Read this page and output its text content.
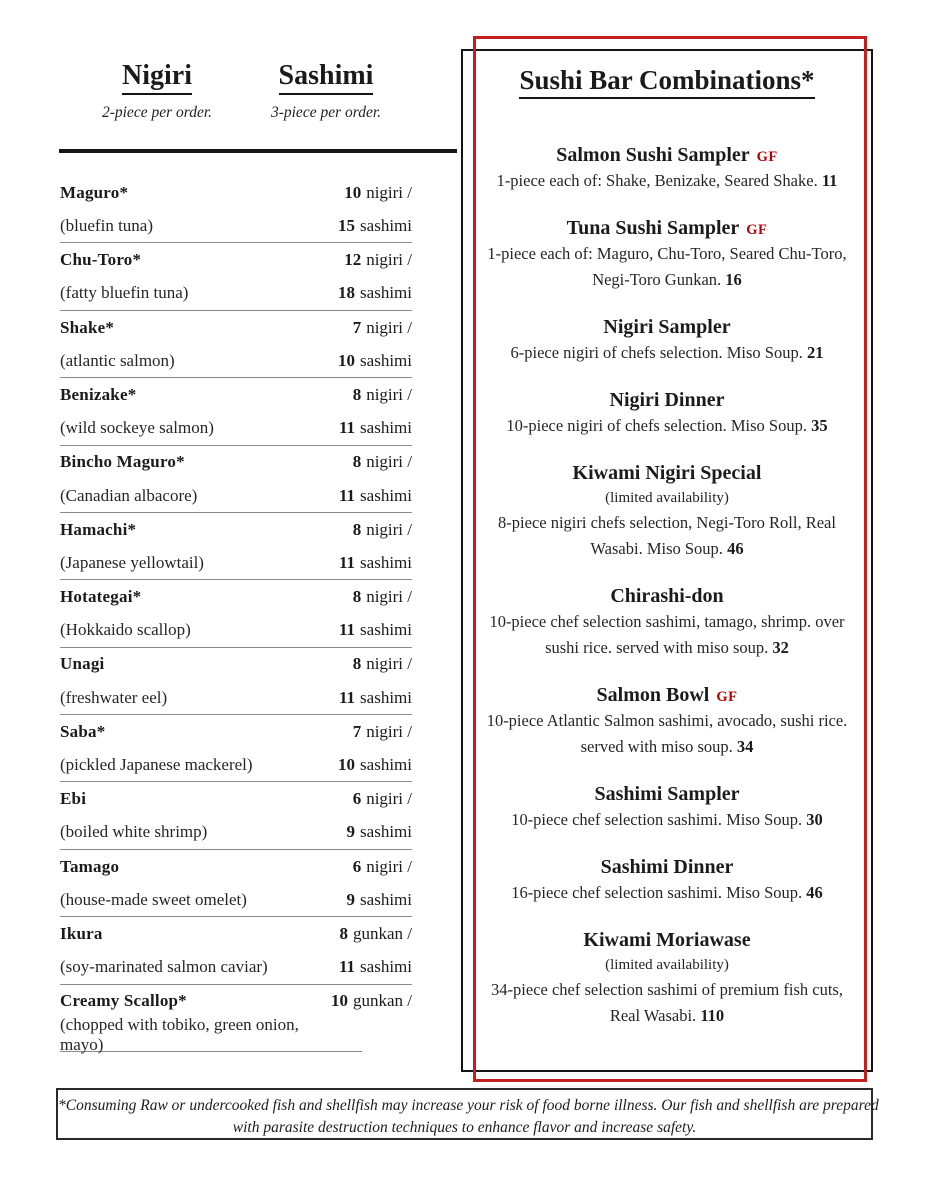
Nigiri	Sashimi
2-piece per order.	3-piece per order.
Maguro*	10 nigiri /
(bluefin tuna)	15 sashimi
Chu-Toro*	12 nigiri /
(fatty bluefin tuna)	18 sashimi
Shake*	7 nigiri /
(atlantic salmon)	10 sashimi
Benizake*	8 nigiri /
(wild sockeye salmon)	11 sashimi
Bincho Maguro*	8 nigiri /
(Canadian albacore)	11 sashimi
Hamachi*	8 nigiri /
(Japanese yellowtail)	11 sashimi
Hotategai*	8 nigiri /
(Hokkaido scallop)	11 sashimi
Unagi	8 nigiri /
(freshwater eel)	11 sashimi
Saba*	7 nigiri /
(pickled Japanese mackerel)	10 sashimi
Ebi	6 nigiri /
(boiled white shrimp)	9 sashimi
Tamago	6 nigiri /
(house-made sweet omelet)	9 sashimi
Ikura	8 gunkan /
(soy-marinated salmon caviar)	11 sashimi
Creamy Scallop*	10 gunkan /
(chopped with tobiko, green onion, mayo)
Sushi Bar Combinations*
Salmon Sushi Sampler GF
1-piece each of: Shake, Benizake, Seared Shake. 11
Tuna Sushi Sampler GF
1-piece each of: Maguro, Chu-Toro, Seared Chu-Toro, Negi-Toro Gunkan. 16
Nigiri Sampler
6-piece nigiri of chefs selection. Miso Soup. 21
Nigiri Dinner
10-piece nigiri of chefs selection. Miso Soup. 35
Kiwami Nigiri Special
(limited availability)
8-piece nigiri chefs selection, Negi-Toro Roll, Real Wasabi. Miso Soup. 46
Chirashi-don
10-piece chef selection sashimi, tamago, shrimp. over sushi rice. served with miso soup. 32
Salmon Bowl GF
10-piece Atlantic Salmon sashimi, avocado, sushi rice. served with miso soup. 34
Sashimi Sampler
10-piece chef selection sashimi. Miso Soup. 30
Sashimi Dinner
16-piece chef selection sashimi. Miso Soup. 46
Kiwami Moriawase
(limited availability)
34-piece chef selection sashimi of premium fish cuts, Real Wasabi. 110
*Consuming Raw or undercooked fish and shellfish may increase your risk of food borne illness. Our fish and shellfish are prepared
with parasite destruction techniques to enhance flavor and increase safety.
